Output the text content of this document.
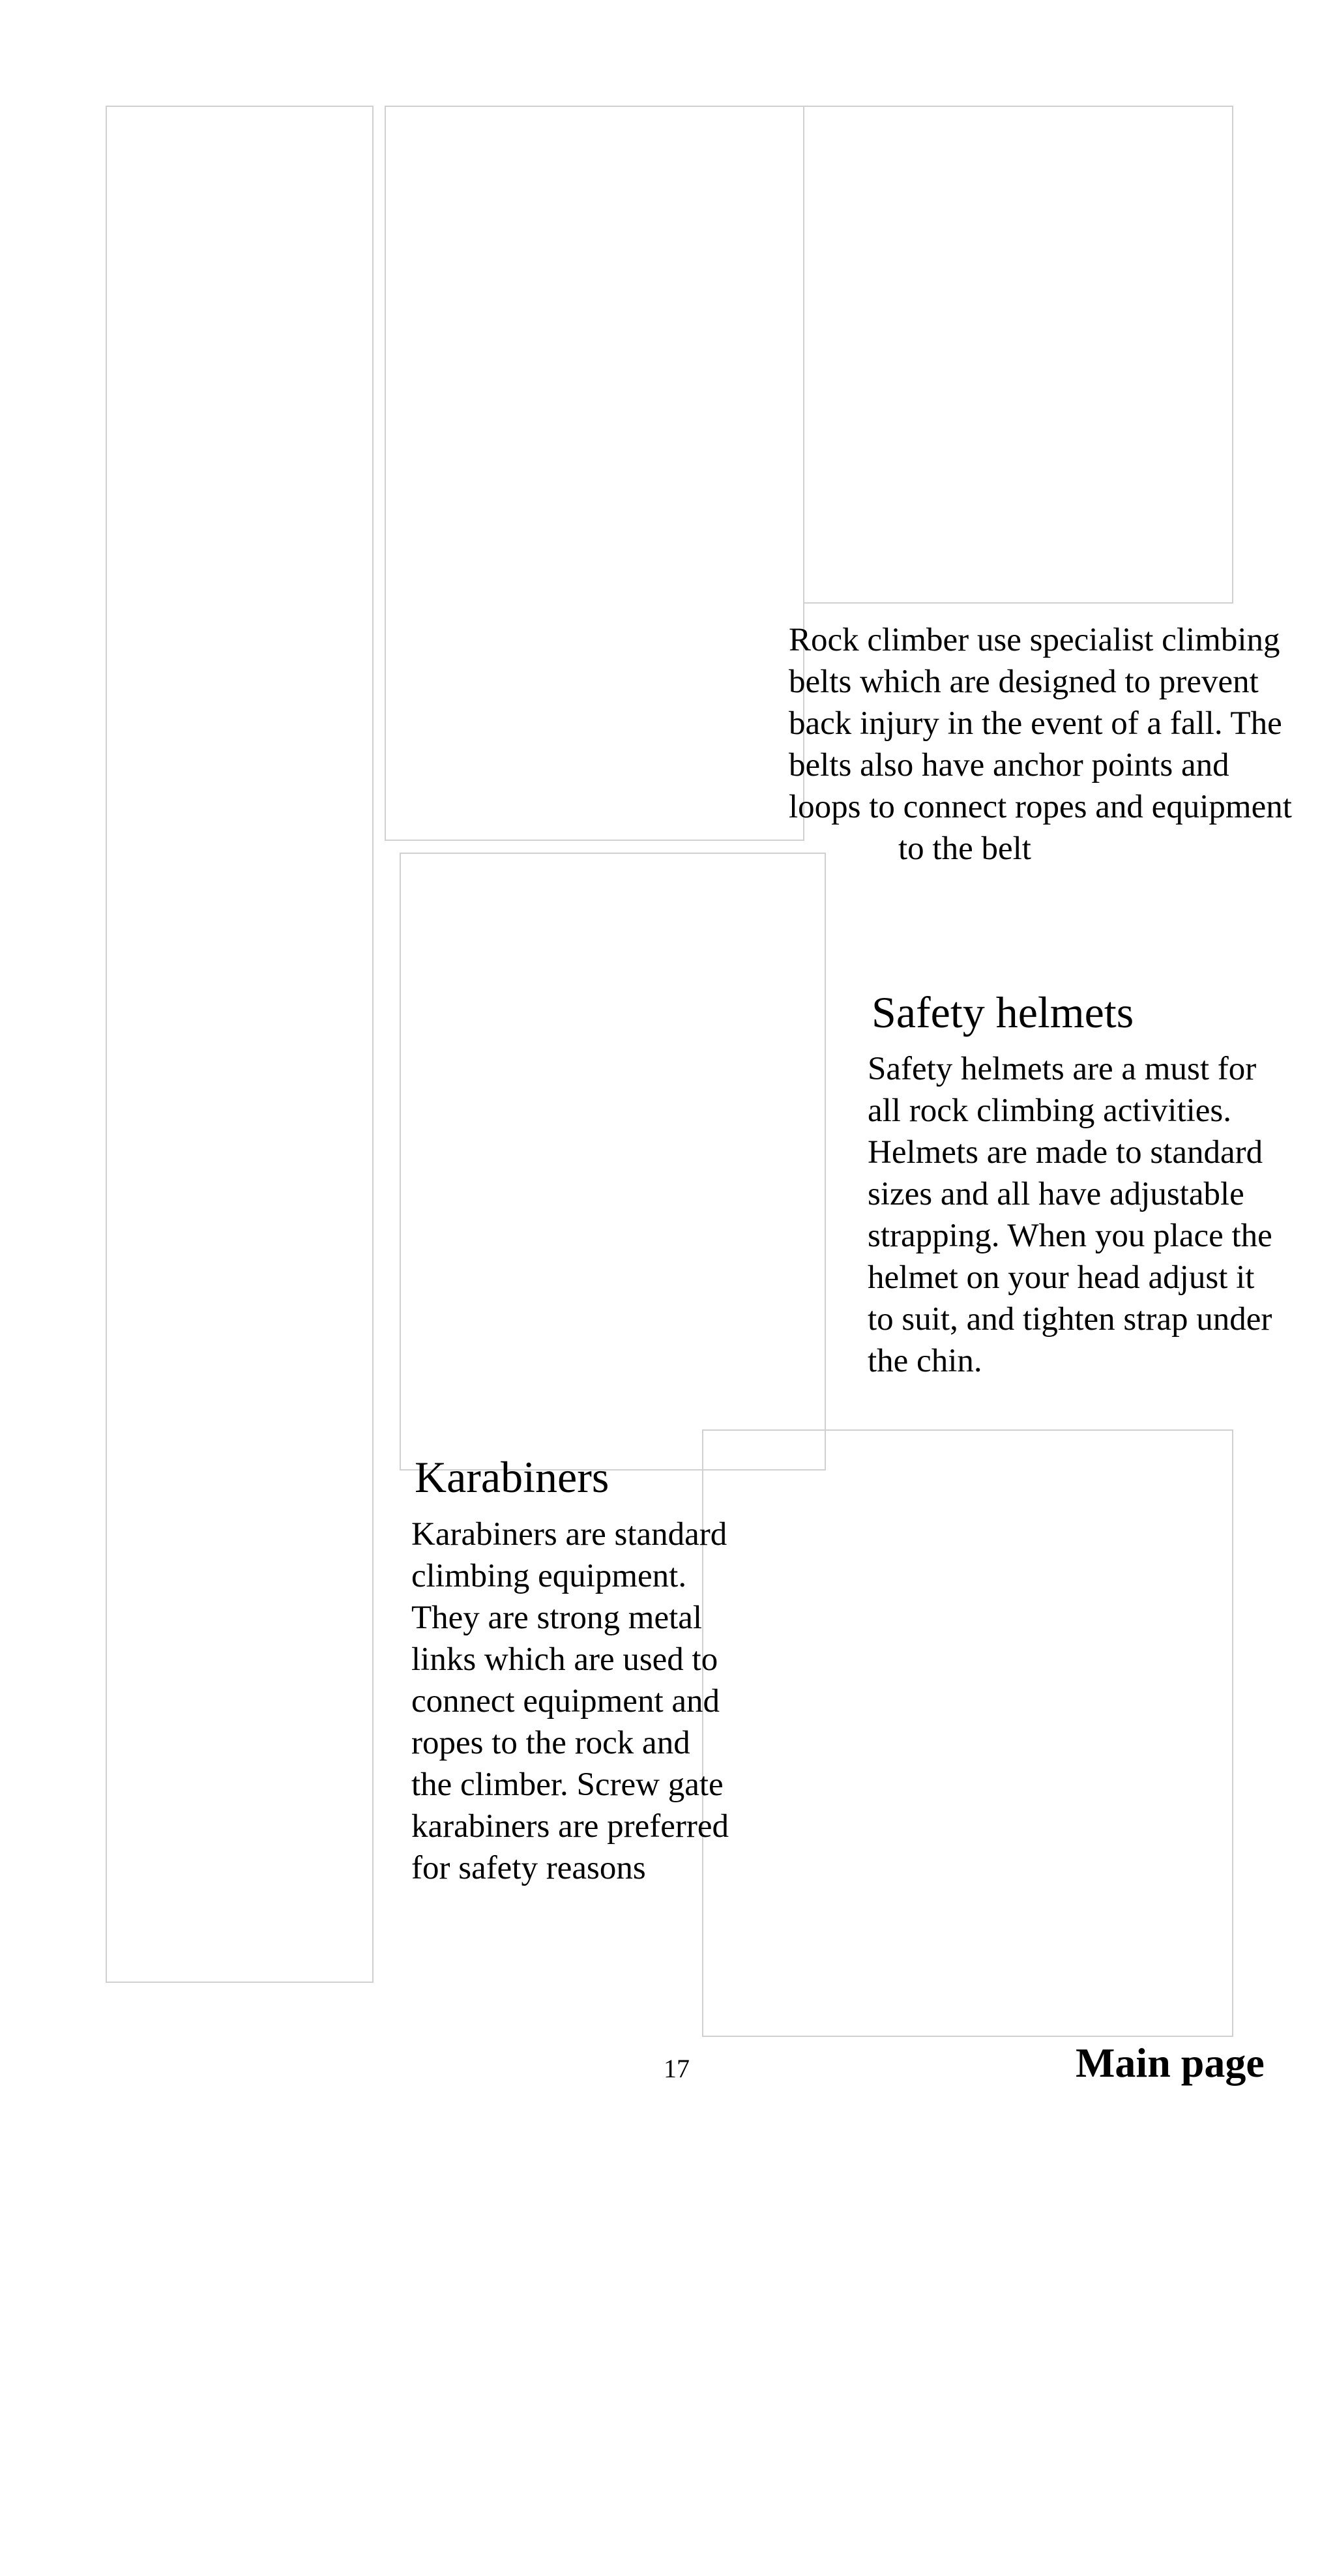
Rock climber use specialist climbing belts which are designed to prevent back injury in the event of a fall. The belts also have anchor points and loops to connect ropes and equipment
to the belt
Safety helmets
Safety helmets are a must for all rock climbing activities. Helmets are made to standard sizes and all have adjustable strapping. When you place the helmet on your head adjust it to suit, and tighten strap under the chin.
Karabiners
Karabiners are standard climbing equipment. They are strong metal links which are used to connect equipment and ropes to the rock and the climber. Screw gate karabiners are preferred for safety reasons
17	Main page
